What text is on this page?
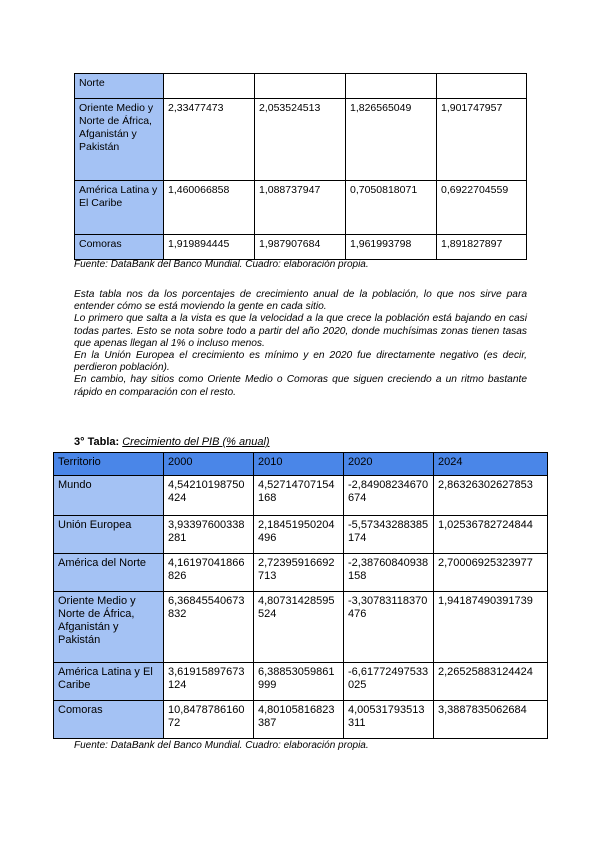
Norte				
Oriente Medio y Norte de África, Afganistán y Pakistán	2,33477473	2,053524513	1,826565049	1,901747957
América Latina y El Caribe	1,460066858	1,088737947	0,7050818071	0,6922704559
Comoras	1,919894445	1,987907684	1,961993798	1,891827897
Fuente: DataBank del Banco Mundial. Cuadro: elaboración propia.

Esta tabla nos da los porcentajes de crecimiento anual de la población, lo que nos sirve para entender cómo se está moviendo la gente en cada sitio.

Lo primero que salta a la vista es que la velocidad a la que crece la población está bajando en casi todas partes. Esto se nota sobre todo a partir del año 2020, donde muchísimas zonas tienen tasas que apenas llegan al 1% o incluso menos.

En la Unión Europea el crecimiento es mínimo y en 2020 fue directamente negativo (es decir, perdieron población).

En cambio, hay sitios como Oriente Medio o Comoras que siguen creciendo a un ritmo bastante rápido en comparación con el resto.

3° Tabla: Crecimiento del PIB (% anual)
Territorio	2000	2010	2020	2024
Mundo	4,54210198750424	4,52714707154168	-2,84908234670674	2,86326302627853
Unión Europea	3,93397600338281	2,18451950204496	-5,57343288385174	1,02536782724844
América del Norte	4,16197041866826	2,72395916692713	-2,38760840938158	2,70006925323977
Oriente Medio y Norte de África, Afganistán y Pakistán	6,36845540673832	4,80731428595524	-3,30783118370476	1,94187490391739
América Latina y El Caribe	3,61915897673124	6,38853059861999	-6,61772497533025	2,26525883124424
Comoras	10,847878616072	4,80105816823387	4,00531793513311	3,3887835062684
Fuente: DataBank del Banco Mundial. Cuadro: elaboración propia.
